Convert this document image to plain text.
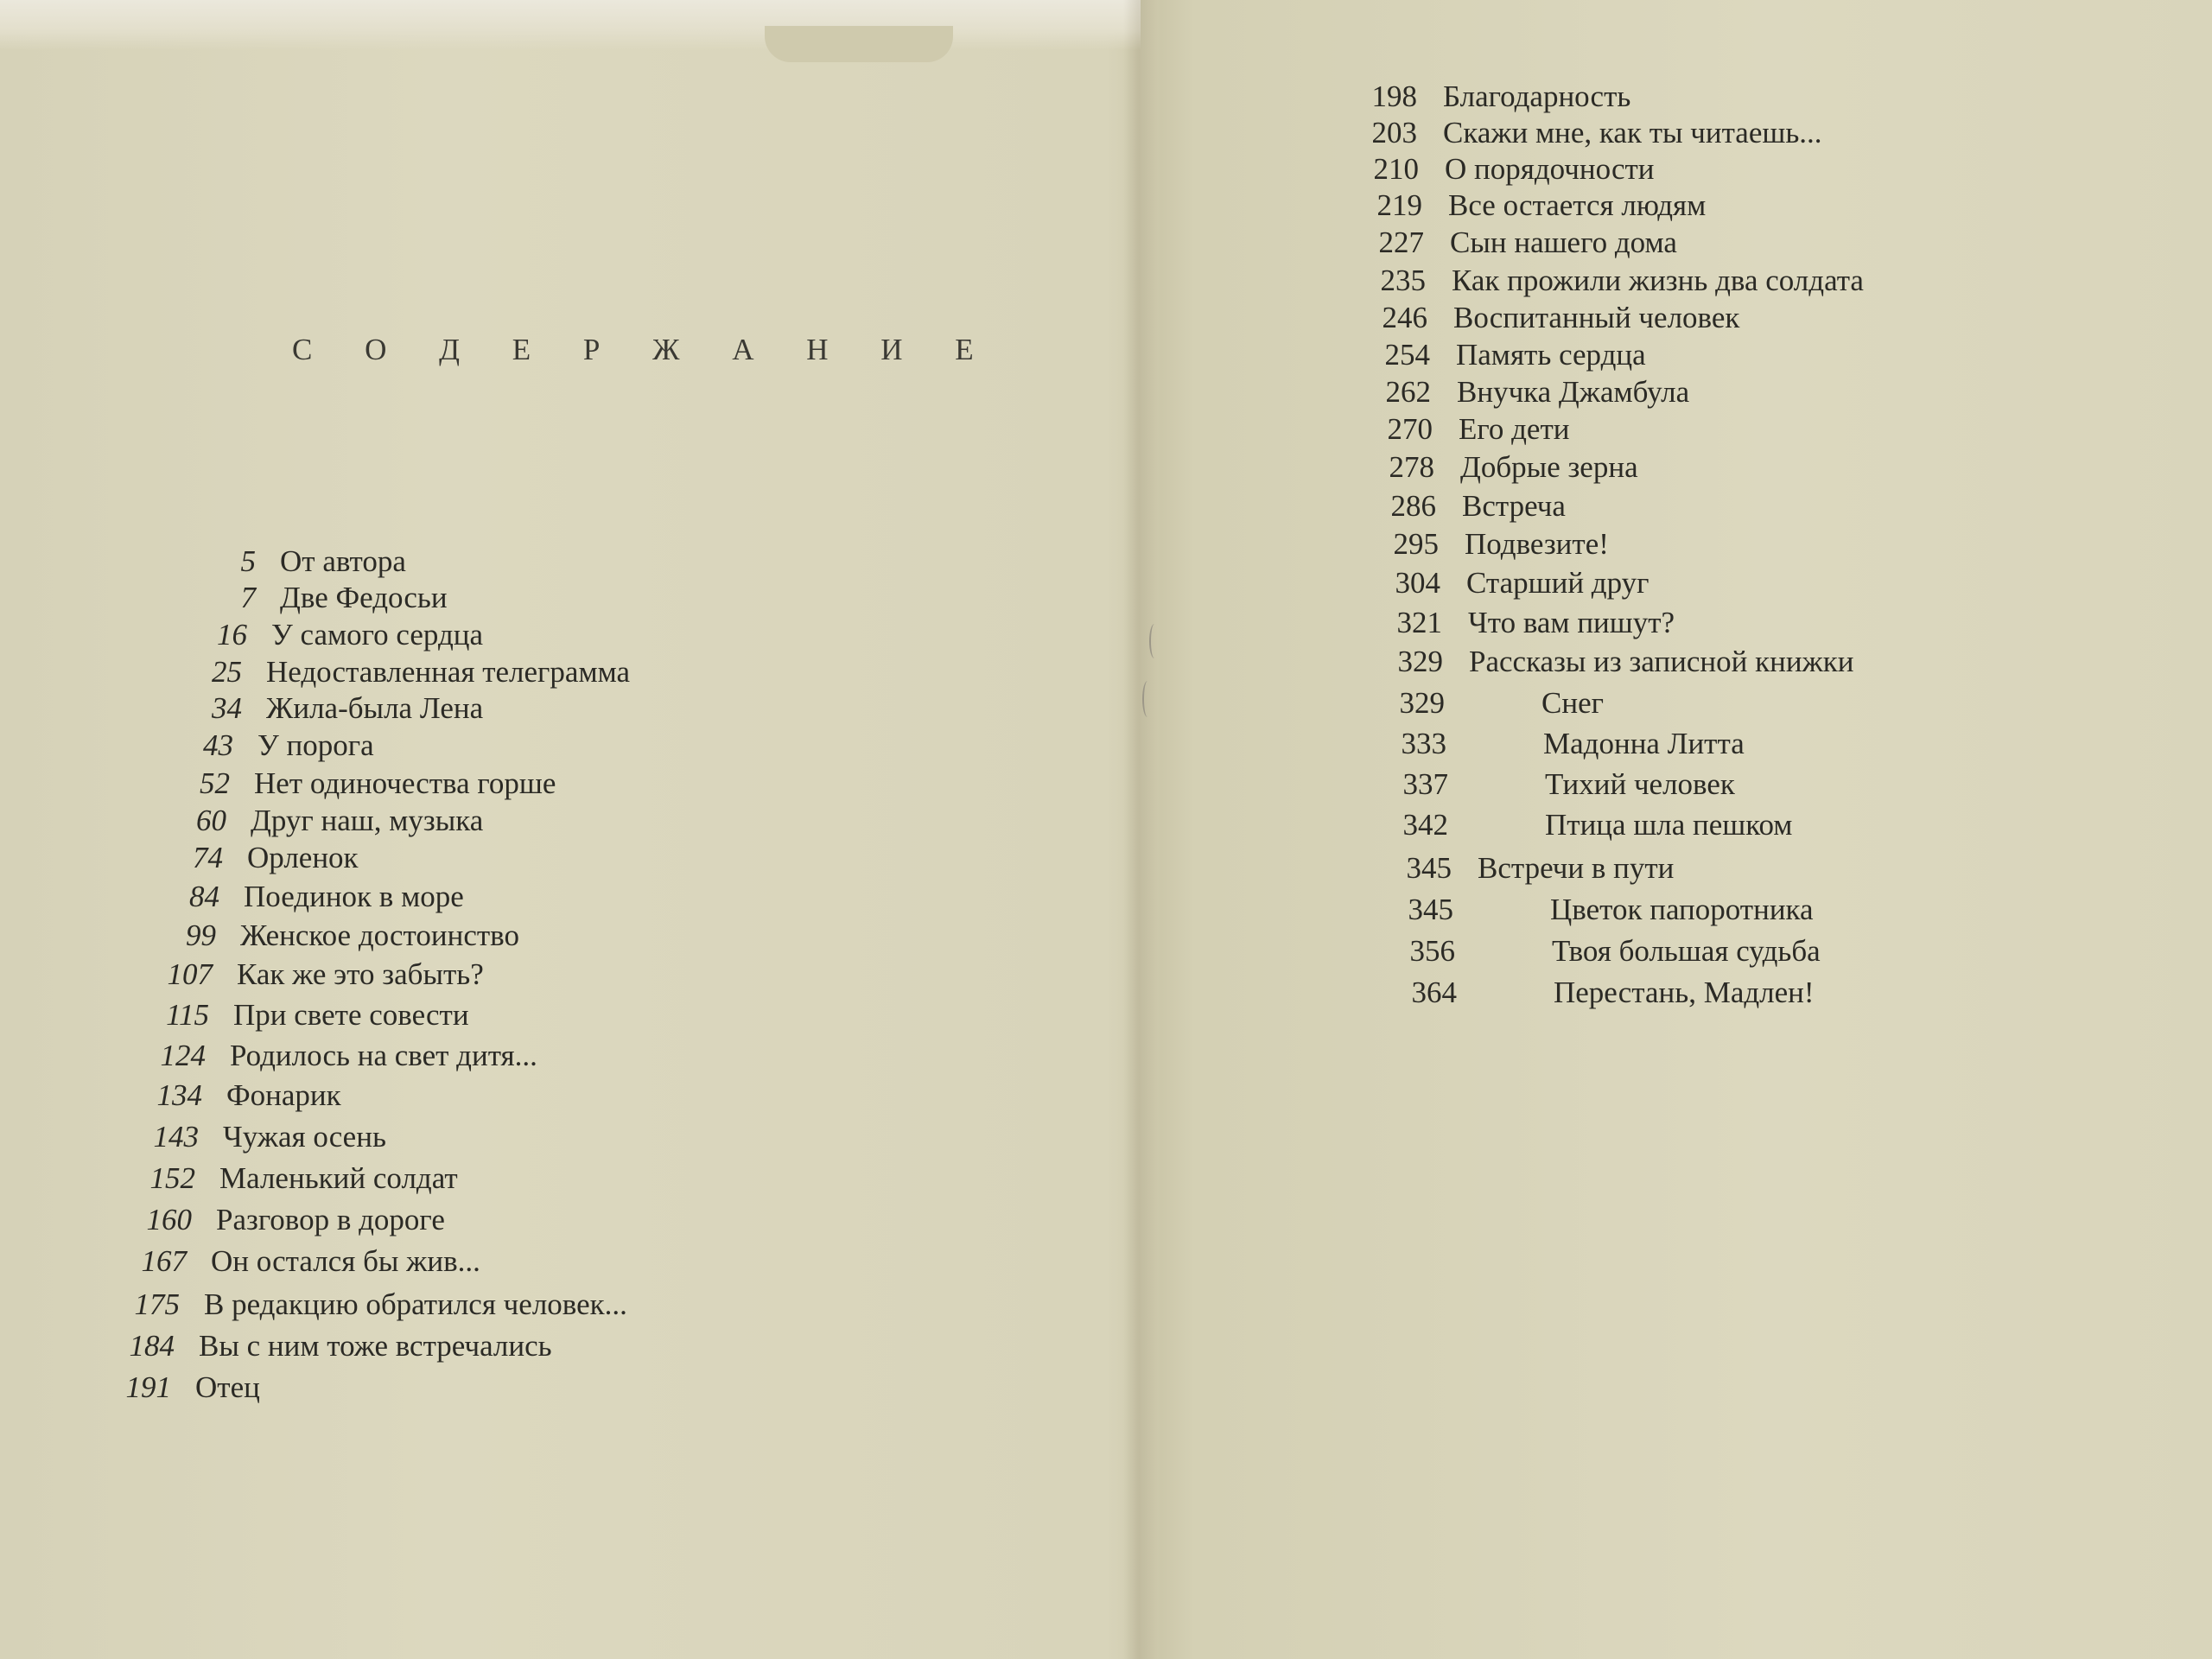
С О Д Е Р Ж А Н И Е
5 От автора
7 Две Федосьи
16 У самого сердца
25 Недоставленная телеграмма
34 Жила-была Лена
43 У порога
52 Нет одиночества горше
60 Друг наш, музыка
74 Орленок
84 Поединок в море
99 Женское достоинство
107 Как же это забыть?
115 При свете совести
124 Родилось на свет дитя...
134 Фонарик
143 Чужая осень
152 Маленький солдат
160 Разговор в дороге
167 Он остался бы жив...
175 В редакцию обратился человек...
184 Вы с ним тоже встречались
191 Отец
198 Благодарность
203 Скажи мне, как ты читаешь...
210 О порядочности
219 Все остается людям
227 Сын нашего дома
235 Как прожили жизнь два солдата
246 Воспитанный человек
254 Память сердца
262 Внучка Джамбула
270 Его дети
278 Добрые зерна
286 Встреча
295 Подвезите!
304 Старший друг
321 Что вам пишут?
329 Рассказы из записной книжки
329	Снег
333	Мадонна Литта
337	Тихий человек
342	Птица шла пешком
345 Встречи в пути
345	Цветок папоротника
356	Твоя большая судьба
364	Перестань, Мадлен!
